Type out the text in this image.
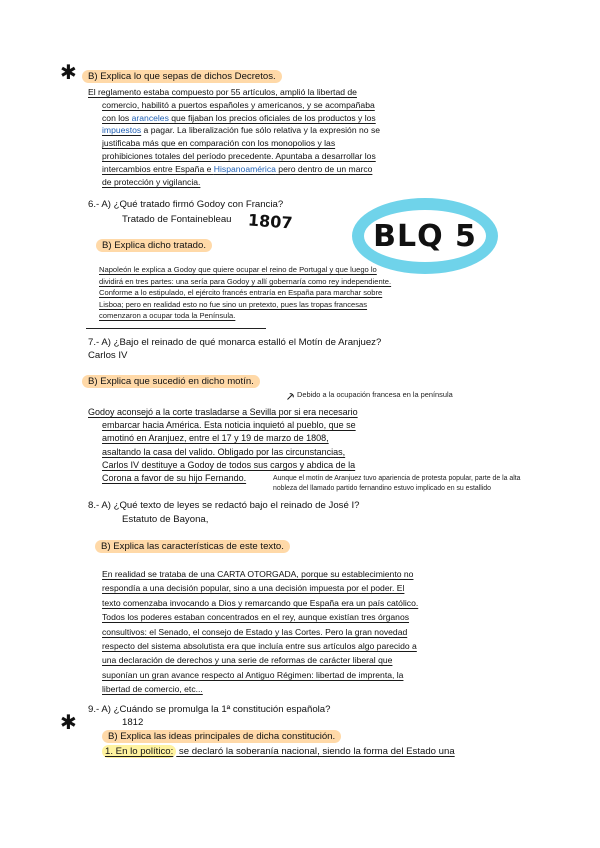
✱
✱
1807	BLQ 5
B) Explica lo que sepas de dichos Decretos.
El reglamento estaba compuesto por 55 artículos, amplió la libertad de
comercio, habilitó a puertos españoles y americanos, y se acompañaba
con los aranceles que fijaban los precios oficiales de los productos y los
impuestos a pagar. La liberalización fue sólo relativa y la expresión no se
justificaba más que en comparación con los monopolios y las
prohibiciones totales del período precedente. Apuntaba a desarrollar los
intercambios entre España e Hispanoamérica pero dentro de un marco
de protección y vigilancia.
6.- A) ¿Qué tratado firmó Godoy con Francia?
Tratado de Fontainebleau
B) Explica dicho tratado.
Napoleón le explica a Godoy que quiere ocupar el reino de Portugal y que luego lo
dividirá en tres partes: una sería para Godoy y allí gobernaría como rey independiente.
Conforme a lo estipulado, el ejército francés entraría en España para marchar sobre
Lisboa; pero en realidad esto no fue sino un pretexto, pues las tropas francesas
comenzaron a ocupar toda la Península.
7.- A) ¿Bajo el reinado de qué monarca estalló el Motín de Aranjuez?
Carlos IV
B) Explica que sucedió en dicho motín.
⸕ Debido a la ocupación francesa en la península
Godoy aconsejó a la corte trasladarse a Sevilla por si era necesario
embarcar hacia América. Esta noticia inquietó al pueblo, que se
amotinó en Aranjuez, entre el 17 y 19 de marzo de 1808,
asaltando la casa del valido. Obligado por las circunstancias,
Carlos IV destituye a Godoy de todos sus cargos y abdica de la
Corona a favor de su hijo Fernando.	Aunque el motín de Aranjuez tuvo apariencia de protesta popular, parte de la alta
nobleza del llamado partido fernandino estuvo implicado en su estallido
8.- A) ¿Qué texto de leyes se redactó bajo el reinado de José I?
Estatuto de Bayona,
B) Explica las características de este texto.
En realidad se trataba de una CARTA OTORGADA, porque su establecimiento no
respondía a una decisión popular, sino a una decisión impuesta por el poder. El
texto comenzaba invocando a Dios y remarcando que España era un país católico.
Todos los poderes estaban concentrados en el rey, aunque existían tres órganos
consultivos: el Senado, el consejo de Estado y las Cortes. Pero la gran novedad
respecto del sistema absolutista era que incluía entre sus artículos algo parecido a
una declaración de derechos y una serie de reformas de carácter liberal que
suponían un gran avance respecto al Antiguo Régimen: libertad de imprenta, la
libertad de comercio, etc...
9.- A) ¿Cuándo se promulga la 1ª constitución española?
1812
B) Explica las ideas principales de dicha constitución.
1. En lo político: se declaró la soberanía nacional, siendo la forma del Estado una
